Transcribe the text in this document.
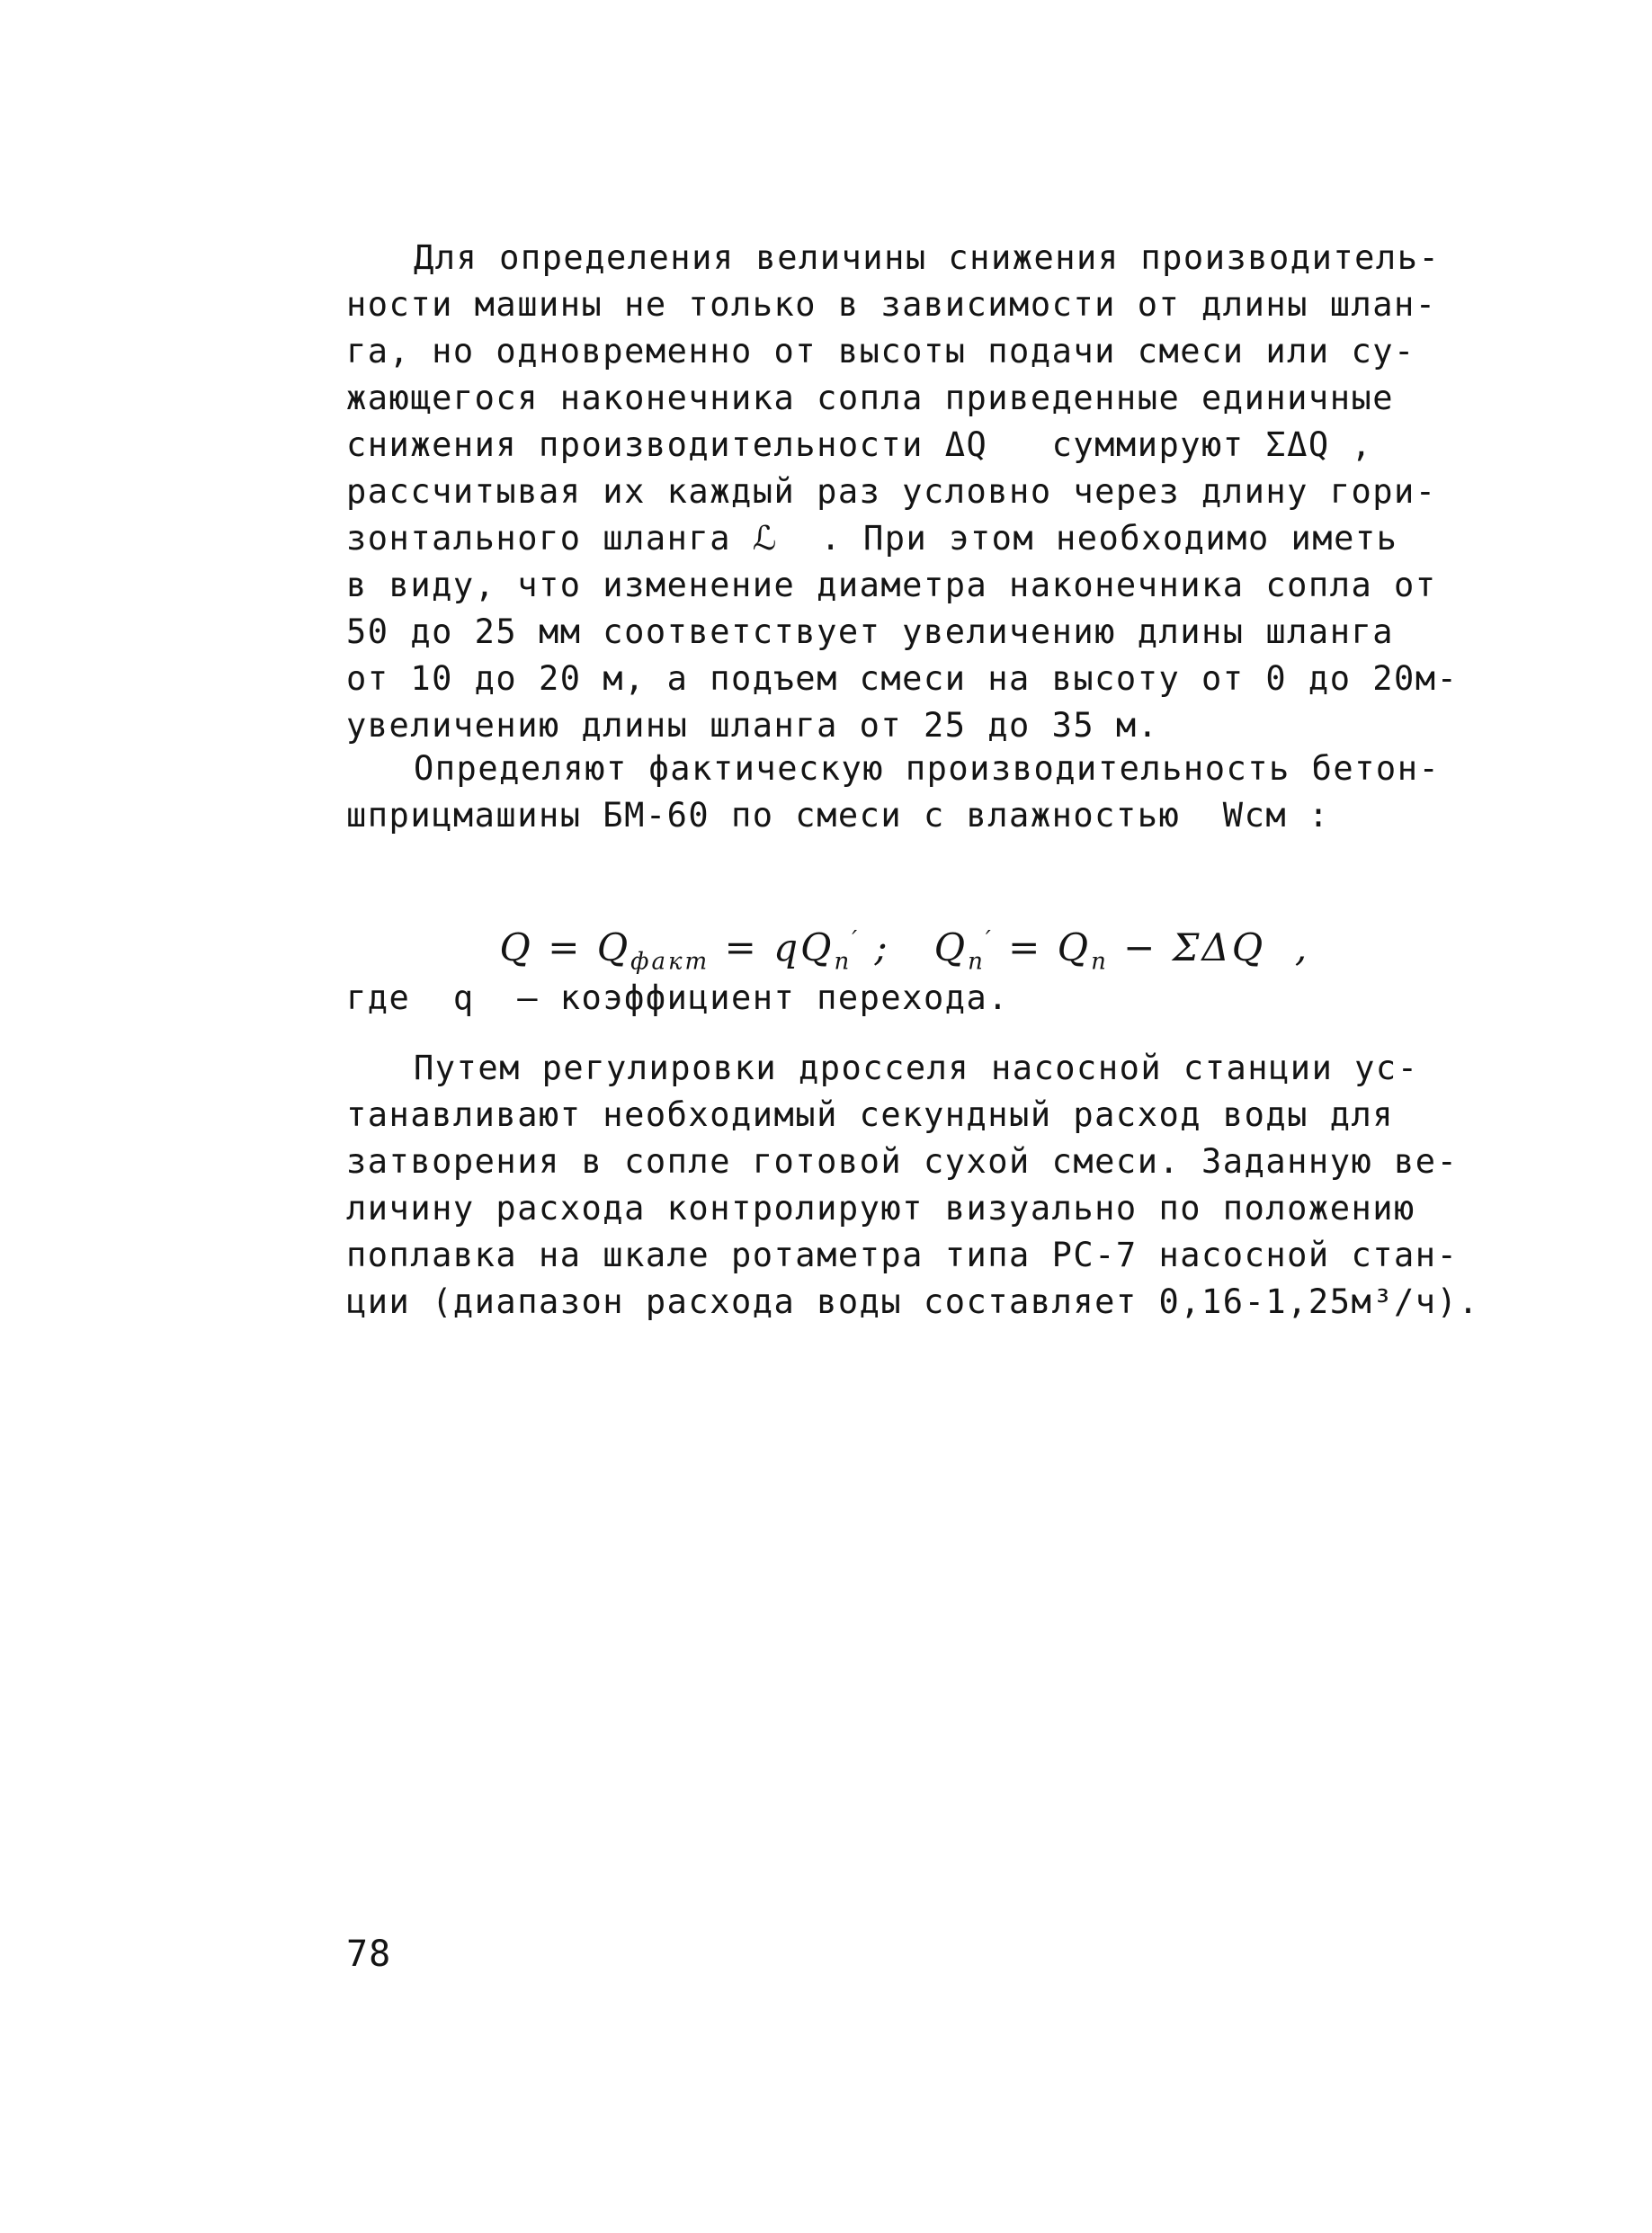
Для определения величины снижения производитель-
ности машины не только в зависимости от длины шлан-
га, но одновременно от высоты подачи смеси или су-
жающегося наконечника сопла приведенные единичные
снижения производительности ΔQ   суммируют ΣΔQ ,
рассчитывая их каждый раз условно через длину гори-
зонтального шланга ℒ  . При этом необходимо иметь
в виду, что изменение диаметра наконечника сопла от
50 до 25 мм соответствует увеличению длины шланга
от 10 до 20 м, а подъем смеси на высоту от 0 до 20м-
увеличению длины шланга от 25 до 35 м.
Определяют фактическую производительность бетон-
шприцмашины БМ-60 по смеси с влажностью  Wсм :

$Q = Q_{факт} = qQ_п'$ ;   $Q_п' = Q_п - \Sigma\Delta Q$  ,

где  q  – коэффициент перехода.
Путем регулировки дросселя насосной станции ус-
танавливают необходимый секундный расход воды для
затворения в сопле готовой сухой смеси. Заданную ве-
личину расхода контролируют визуально по положению
поплавка на шкале ротаметра типа РС-7 насосной стан-
ции (диапазон расхода воды составляет 0,16-1,25м³/ч).
78
